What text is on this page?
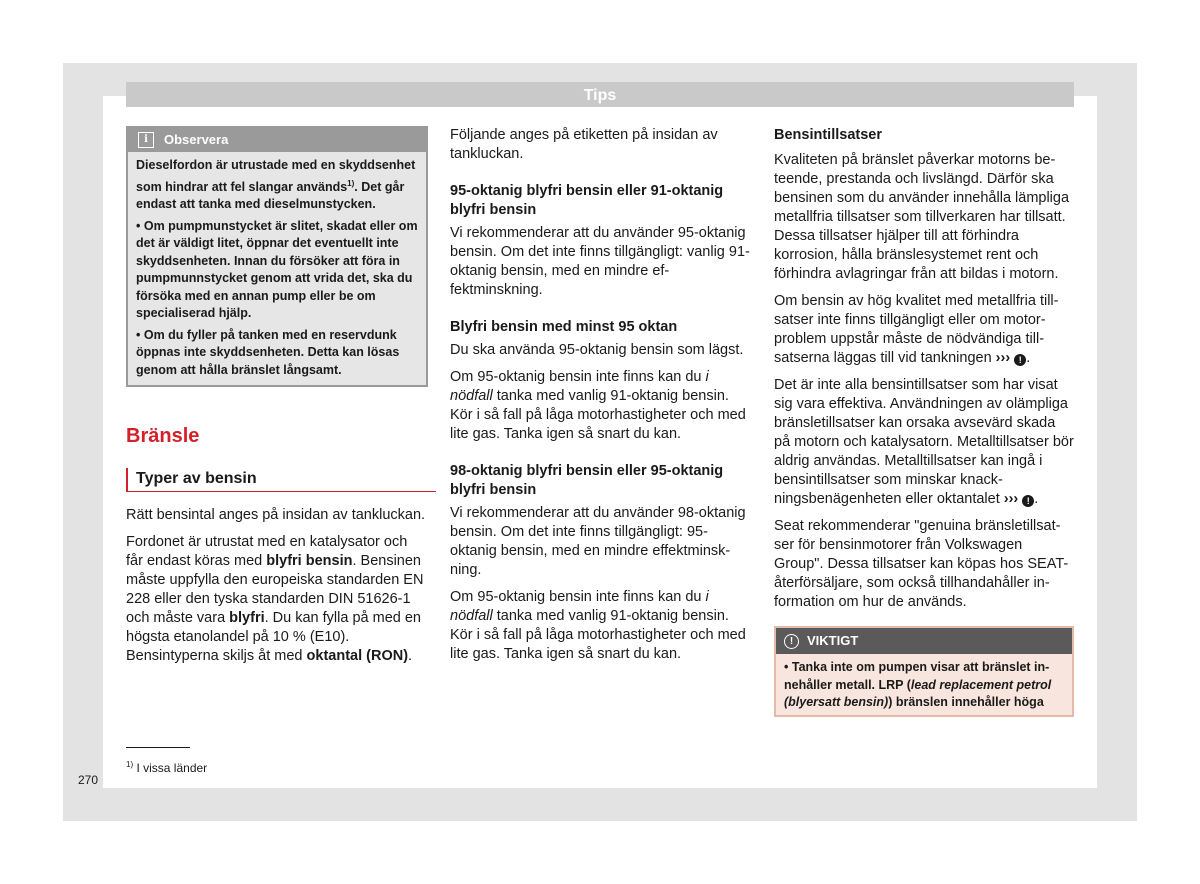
Tips
i	Observera

Dieselfordon är utrustade med en skyddsenhet som hindrar att fel slangar används$^{1)}$. Det går endast att tanka med dieselmunstycken.

• Om pumpmunstycket är slitet, skadat eller om det är väldigt litet, öppnar det eventuellt inte skyddsenheten. Innan du försöker att föra in pumpmunnstycket genom att vrida det, ska du försöka med en annan pump eller be om specialiserad hjälp.

• Om du fyller på tanken med en reservdunk öppnas inte skyddsenheten. Detta kan lösas genom att hålla bränslet långsamt.

Bränsle
Typer av bensin

Rätt bensintal anges på insidan av tankluckan.

Fordonet är utrustat med en katalysator och får endast köras med blyfri bensin. Bensinen måste uppfylla den europeiska standarden EN 228 eller den tyska standarden DIN 51626-1 och måste vara blyfri. Du kan fylla på med en högsta etanolandel på 10 % (E10). Bensintyperna skiljs åt med oktantal (RON).

Följande anges på etiketten på insidan av tankluckan.

95-oktanig blyfri bensin eller 91-oktanig blyfri bensin

Vi rekommenderar att du använder 95-oktanig bensin. Om det inte finns tillgängligt: vanlig 91-oktanig bensin, med en mindre effektminskning.

Blyfri bensin med minst 95 oktan

Du ska använda 95-oktanig bensin som lägst.

Om 95-oktanig bensin inte finns kan du i nödfall tanka med vanlig 91-oktanig bensin. Kör i så fall på låga motorhastigheter och med lite gas. Tanka igen så snart du kan.

98-oktanig blyfri bensin eller 95-oktanig blyfri bensin

Vi rekommenderar att du använder 98-oktanig bensin. Om det inte finns tillgängligt: 95-oktanig bensin, med en mindre effektminskning.

Om 95-oktanig bensin inte finns kan du i nödfall tanka med vanlig 91-oktanig bensin. Kör i så fall på låga motorhastigheter och med lite gas. Tanka igen så snart du kan.

Bensintillsatser

Kvaliteten på bränslet påverkar motorns beteende, prestanda och livslängd. Därför ska bensinen som du använder innehålla lämpliga metallfria tillsatser som tillverkaren har tillsatt. Dessa tillsatser hjälper till att förhindra korrosion, hålla bränslesystemet rent och förhindra avlagringar från att bildas i motorn.

Om bensin av hög kvalitet med metallfria tillsatser inte finns tillgängligt eller om motorproblem uppstår måste de nödvändiga tillsatserna läggas till vid tankningen ››› ! .

Det är inte alla bensintillsatser som har visat sig vara effektiva. Användningen av olämpliga bränsletillsatser kan orsaka avsevärd skada på motorn och katalysatorn. Metalltillsatser bör aldrig användas. Metalltillsatser kan ingå i bensintillsatser som minskar knackningsbenägenheten eller oktantalet ››› ! .

Seat rekommenderar "genuina bränsletillsatser för bensinmotorer från Volkswagen Group". Dessa tillsatser kan köpas hos SEAT-återförsäljare, som också tillhandahåller information om hur de används.

!	VIKTIGT
• Tanka inte om pumpen visar att bränslet innehåller metall. LRP (lead replacement petrol (blyersatt bensin)) bränslen innehåller höga
$^{1)}$ I vissa länder
270
